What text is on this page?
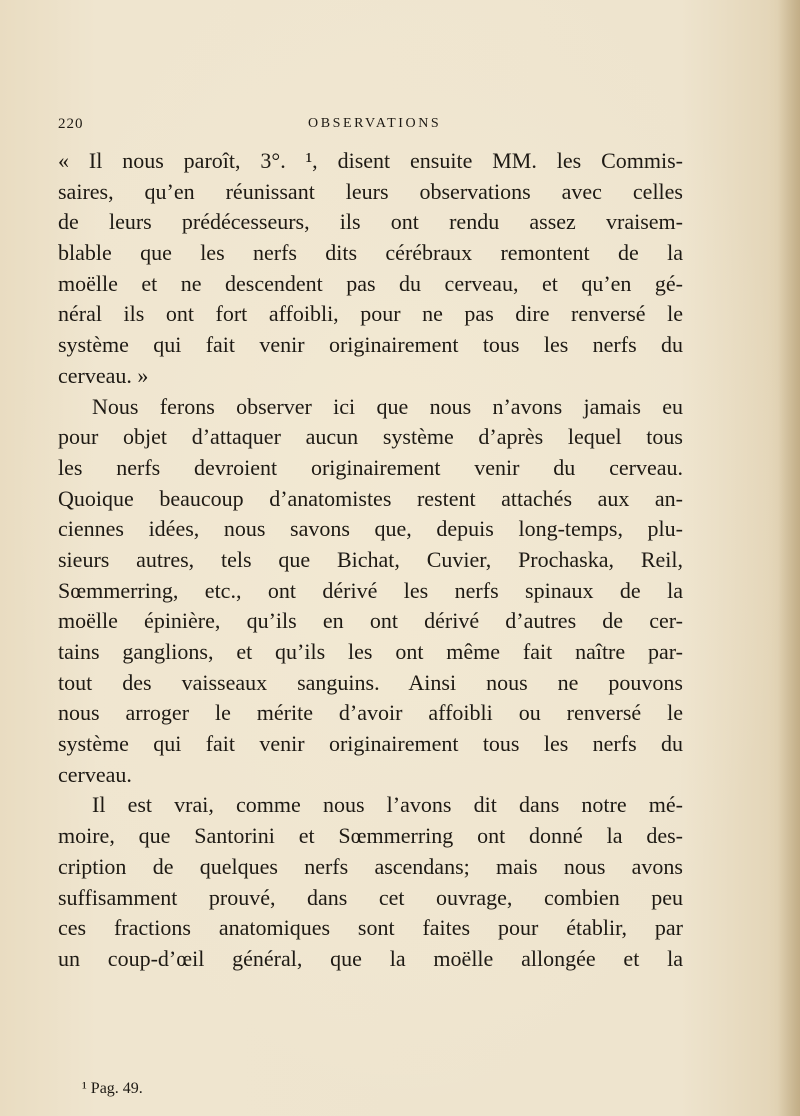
220	OBSERVATIONS
« Il nous paroît, 3°. ¹, disent ensuite MM. les Commis-
saires, qu’en réunissant leurs observations avec celles
de leurs prédécesseurs, ils ont rendu assez vraisem-
blable que les nerfs dits cérébraux remontent de la
moëlle et ne descendent pas du cerveau, et qu’en gé-
néral ils ont fort affoibli, pour ne pas dire renversé le
système qui fait venir originairement tous les nerfs du
cerveau. »
Nous ferons observer ici que nous n’avons jamais eu
pour objet d’attaquer aucun système d’après lequel tous
les nerfs devroient originairement venir du cerveau.
Quoique beaucoup d’anatomistes restent attachés aux an-
ciennes idées, nous savons que, depuis long-temps, plu-
sieurs autres, tels que Bichat, Cuvier, Prochaska, Reil,
Sœmmerring, etc., ont dérivé les nerfs spinaux de la
moëlle épinière, qu’ils en ont dérivé d’autres de cer-
tains ganglions, et qu’ils les ont même fait naître par-
tout des vaisseaux sanguins. Ainsi nous ne pouvons
nous arroger le mérite d’avoir affoibli ou renversé le
système qui fait venir originairement tous les nerfs du
cerveau.
Il est vrai, comme nous l’avons dit dans notre mé-
moire, que Santorini et Sœmmerring ont donné la des-
cription de quelques nerfs ascendans; mais nous avons
suffisamment prouvé, dans cet ouvrage, combien peu
ces fractions anatomiques sont faites pour établir, par
un coup-d’œil général, que la moëlle allongée et la
¹ Pag. 49.
